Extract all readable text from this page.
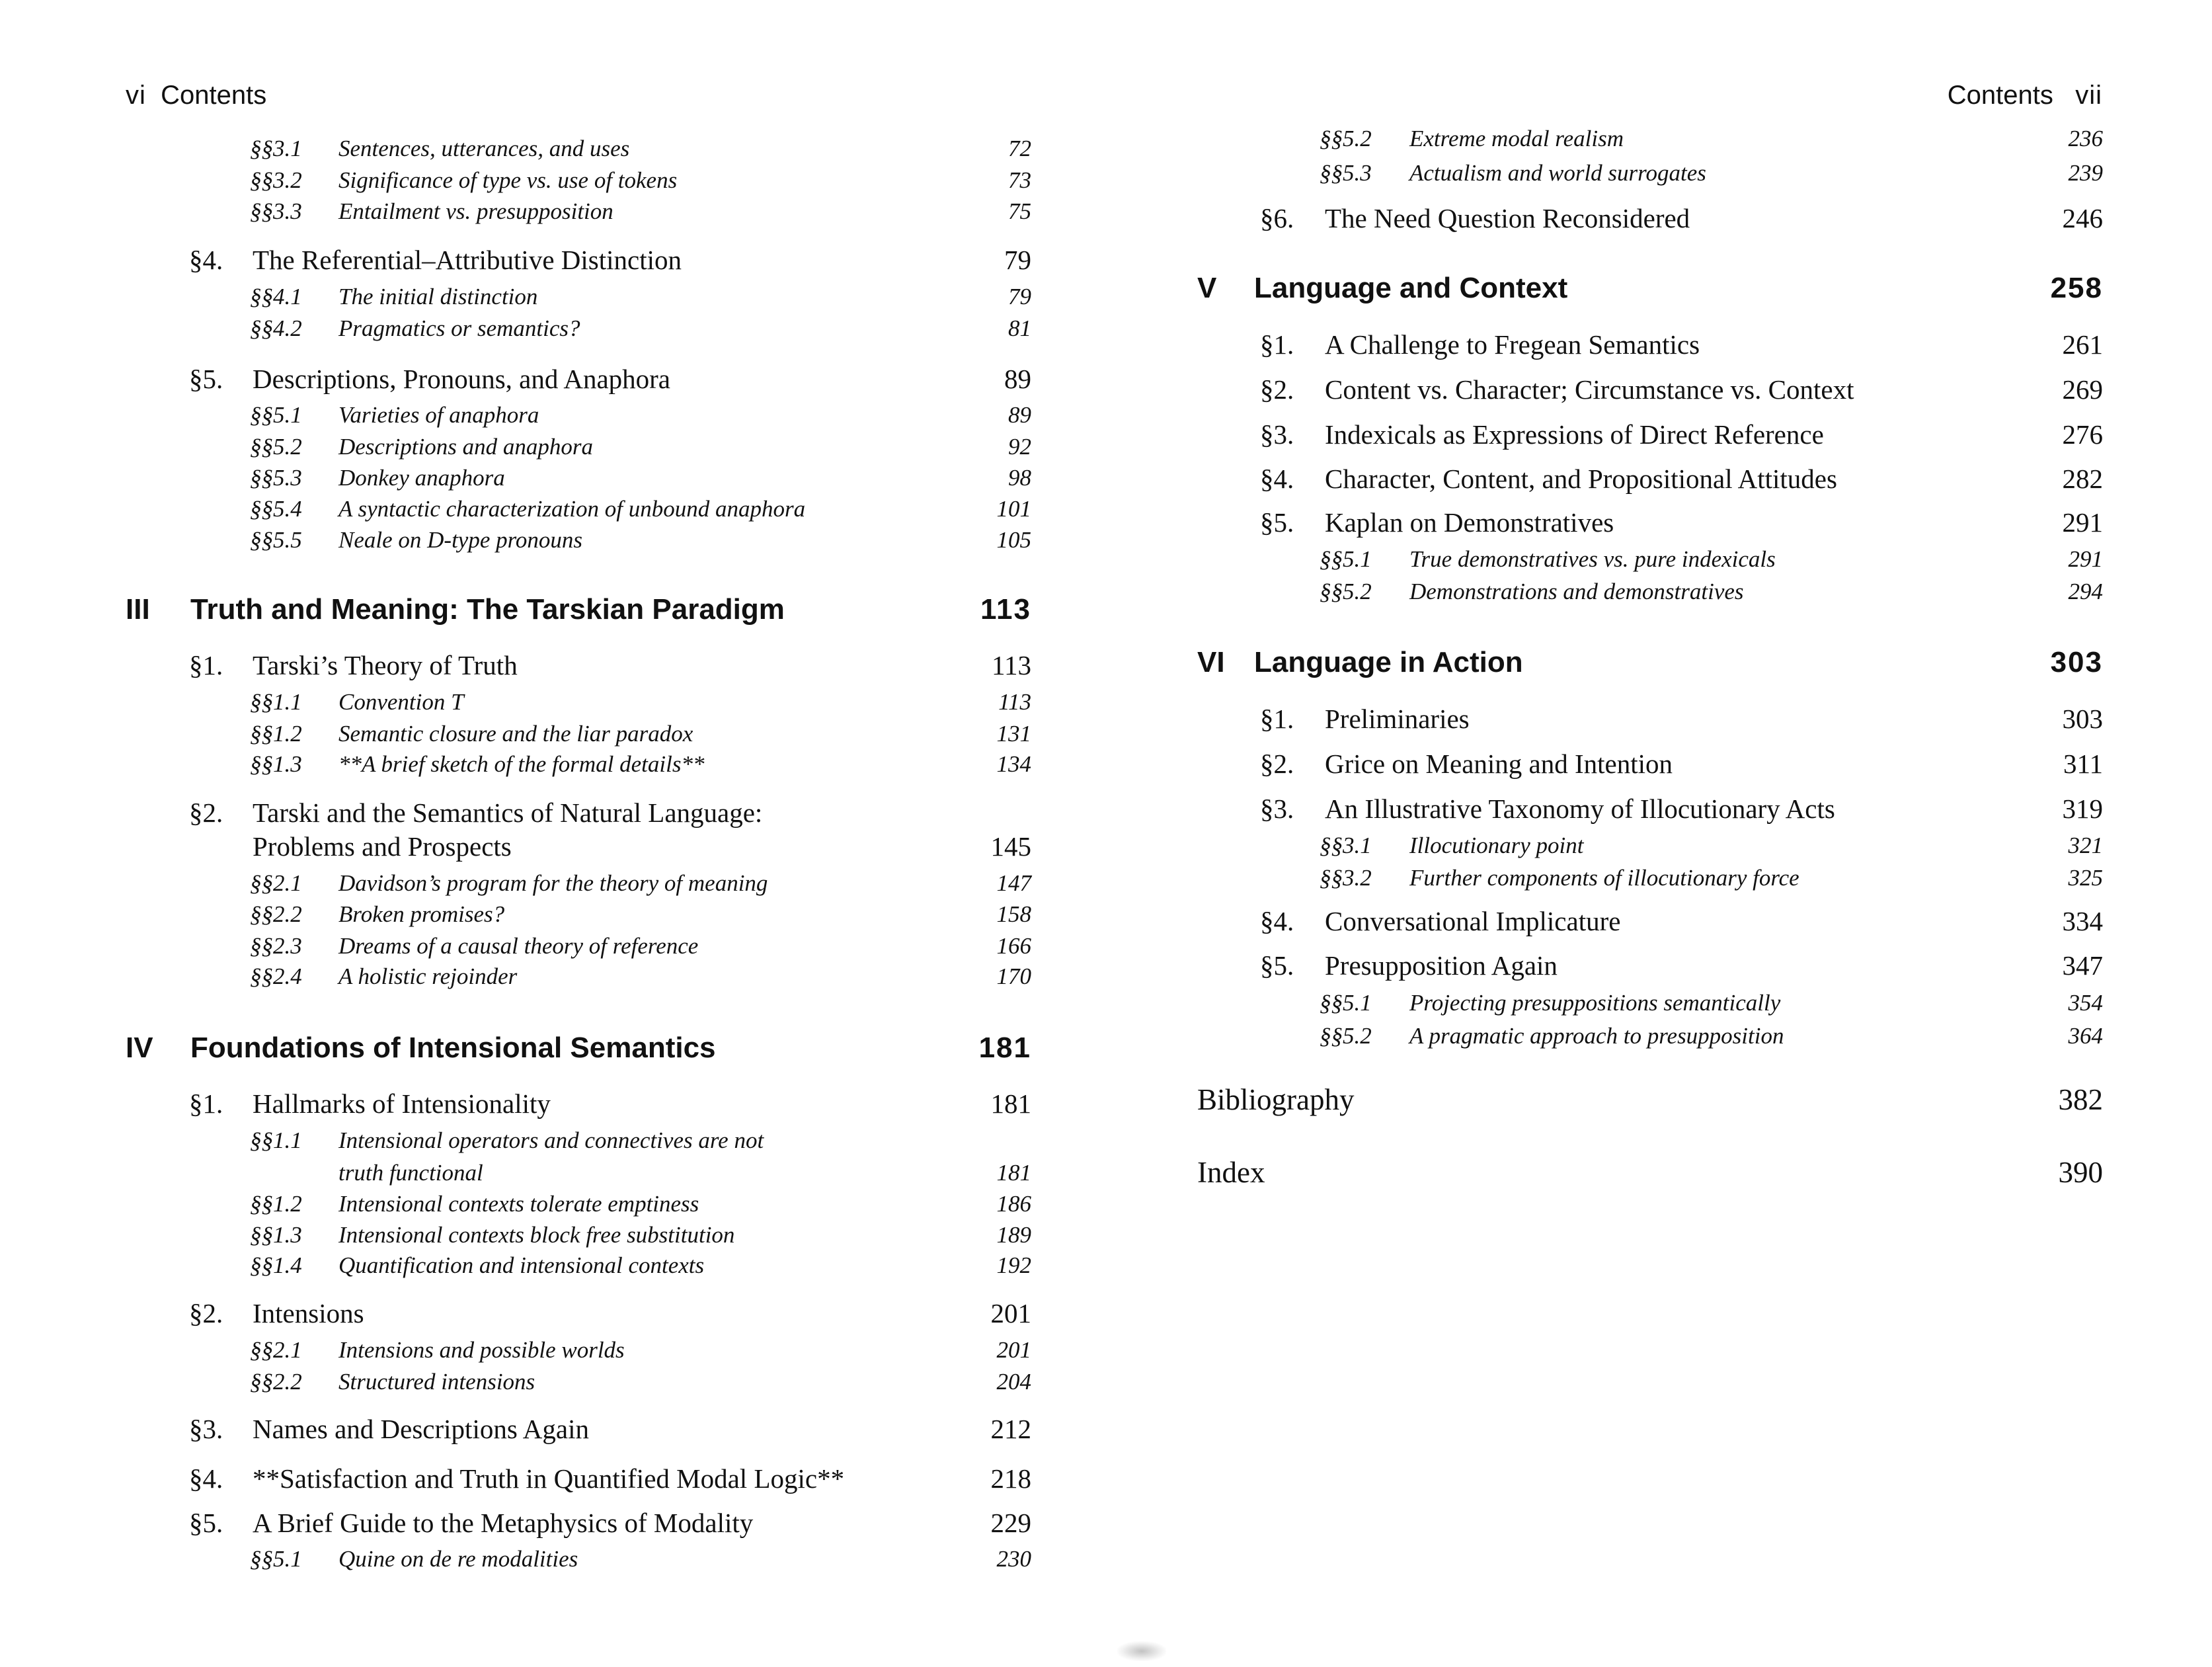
vi Contents
§§3.1 Sentences, utterances, and uses	72
§§3.2 Significance of type vs. use of tokens	73
§§3.3 Entailment vs. presupposition	75
§4. The Referential–Attributive Distinction	79
§§4.1 The initial distinction	79
§§4.2 Pragmatics or semantics?	81
§5. Descriptions, Pronouns, and Anaphora	89
§§5.1 Varieties of anaphora	89
§§5.2 Descriptions and anaphora	92
§§5.3 Donkey anaphora	98
§§5.4 A syntactic characterization of unbound anaphora	101
§§5.5 Neale on D-type pronouns	105
III Truth and Meaning: The Tarskian Paradigm	113
§1. Tarski’s Theory of Truth	113
§§1.1 Convention T	113
§§1.2 Semantic closure and the liar paradox	131
§§1.3 **A brief sketch of the formal details**	134
§2. Tarski and the Semantics of Natural Language:
Problems and Prospects	145
§§2.1 Davidson’s program for the theory of meaning	147
§§2.2 Broken promises?	158
§§2.3 Dreams of a causal theory of reference	166
§§2.4 A holistic rejoinder	170
IV Foundations of Intensional Semantics	181
§1. Hallmarks of Intensionality	181
§§1.1 Intensional operators and connectives are not
truth functional	181
§§1.2 Intensional contexts tolerate emptiness	186
§§1.3 Intensional contexts block free substitution	189
§§1.4 Quantification and intensional contexts	192
§2. Intensions	201
§§2.1 Intensions and possible worlds	201
§§2.2 Structured intensions	204
§3. Names and Descriptions Again	212
§4. **Satisfaction and Truth in Quantified Modal Logic**	218
§5. A Brief Guide to the Metaphysics of Modality	229
§§5.1 Quine on de re modalities	230
Contents vii
§§5.2 Extreme modal realism	236
§§5.3 Actualism and world surrogates	239
§6. The Need Question Reconsidered	246
V Language and Context	258
§1. A Challenge to Fregean Semantics	261
§2. Content vs. Character; Circumstance vs. Context	269
§3. Indexicals as Expressions of Direct Reference	276
§4. Character, Content, and Propositional Attitudes	282
§5. Kaplan on Demonstratives	291
§§5.1 True demonstratives vs. pure indexicals	291
§§5.2 Demonstrations and demonstratives	294
VI Language in Action	303
§1. Preliminaries	303
§2. Grice on Meaning and Intention	311
§3. An Illustrative Taxonomy of Illocutionary Acts	319
§§3.1 Illocutionary point	321
§§3.2 Further components of illocutionary force	325
§4. Conversational Implicature	334
§5. Presupposition Again	347
§§5.1 Projecting presuppositions semantically	354
§§5.2 A pragmatic approach to presupposition	364
Bibliography	382
Index	390
